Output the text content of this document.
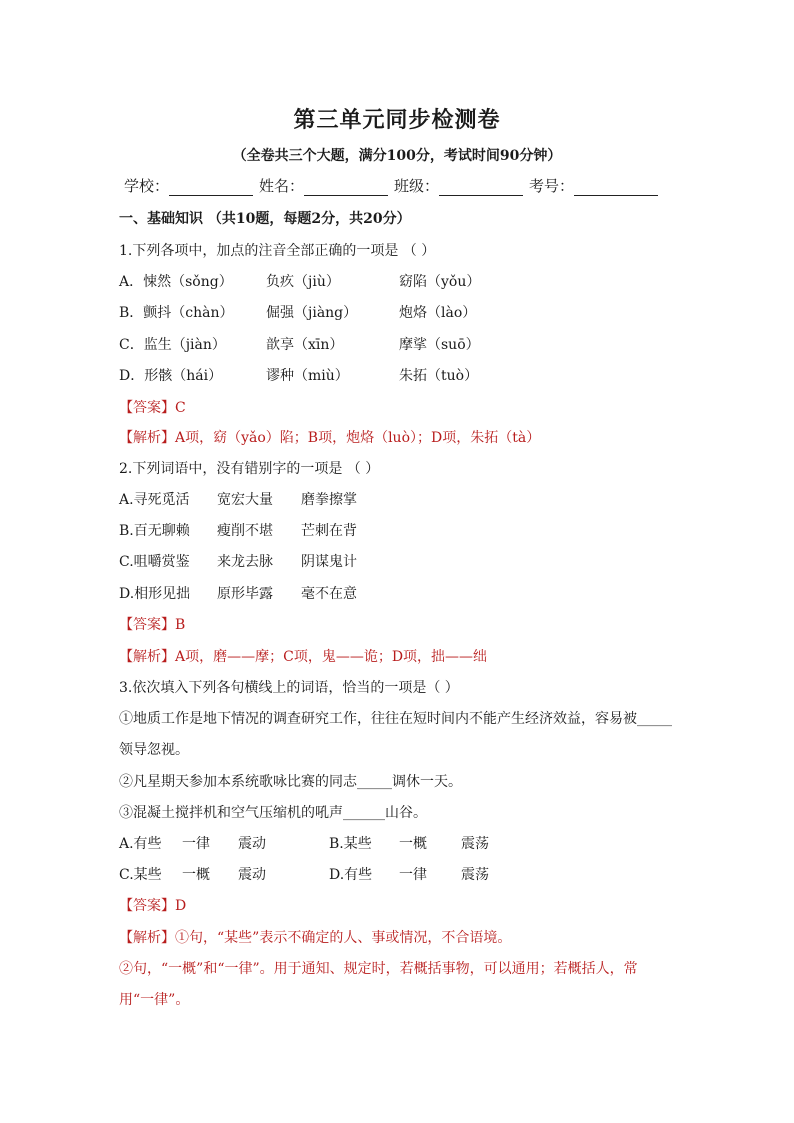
第三单元同步检测卷
（全卷共三个大题，满分100分，考试时间90分钟）
学校：	姓名：	班级：	考号：
一、基础知识 （共10题，每题2分，共20分）
1.下列各项中，加点的注音全部正确的一项是 （ ）
A．悚然（sǒng） 负疚（jiù）	窈陷（yǒu）
B．颤抖（chàn） 倔强（jiàng）	炮烙（lào）
C．监生（jiàn）	歆享（xīn）	摩挲（suō）
D．形骸（hái）	谬种（miù）	朱拓（tuò）
【答案】C
【解析】A项，窈（yǎo）陷；B项，炮烙（luò）；D项，朱拓（tà）
2.下列词语中，没有错别字的一项是 （ ）
A.寻死觅活 宽宏大量 磨拳擦掌
B.百无聊赖 瘦削不堪 芒刺在背
C.咀嚼赏鉴 来龙去脉 阴谋鬼计
D.相形见拙 原形毕露 毫不在意
【答案】B
【解析】A项，磨——摩；C项，鬼——诡；D项，拙——绌
3.依次填入下列各句横线上的词语，恰当的一项是（ ）
①地质工作是地下情况的调查研究工作，往往在短时间内不能产生经济效益，容易被_____
领导忽视。
②凡星期天参加本系统歌咏比赛的同志_____调休一天。
③混凝土搅拌机和空气压缩机的吼声______山谷。
A.有些 一律 震动	B.某些 一概 震荡
C.某些 一概 震动	D.有些 一律 震荡
【答案】D
【解析】①句，“某些”表示不确定的人、事或情况，不合语境。
②句，“一概”和“一律”。用于通知、规定时，若概括事物，可以通用；若概括人，常
用“一律”。
